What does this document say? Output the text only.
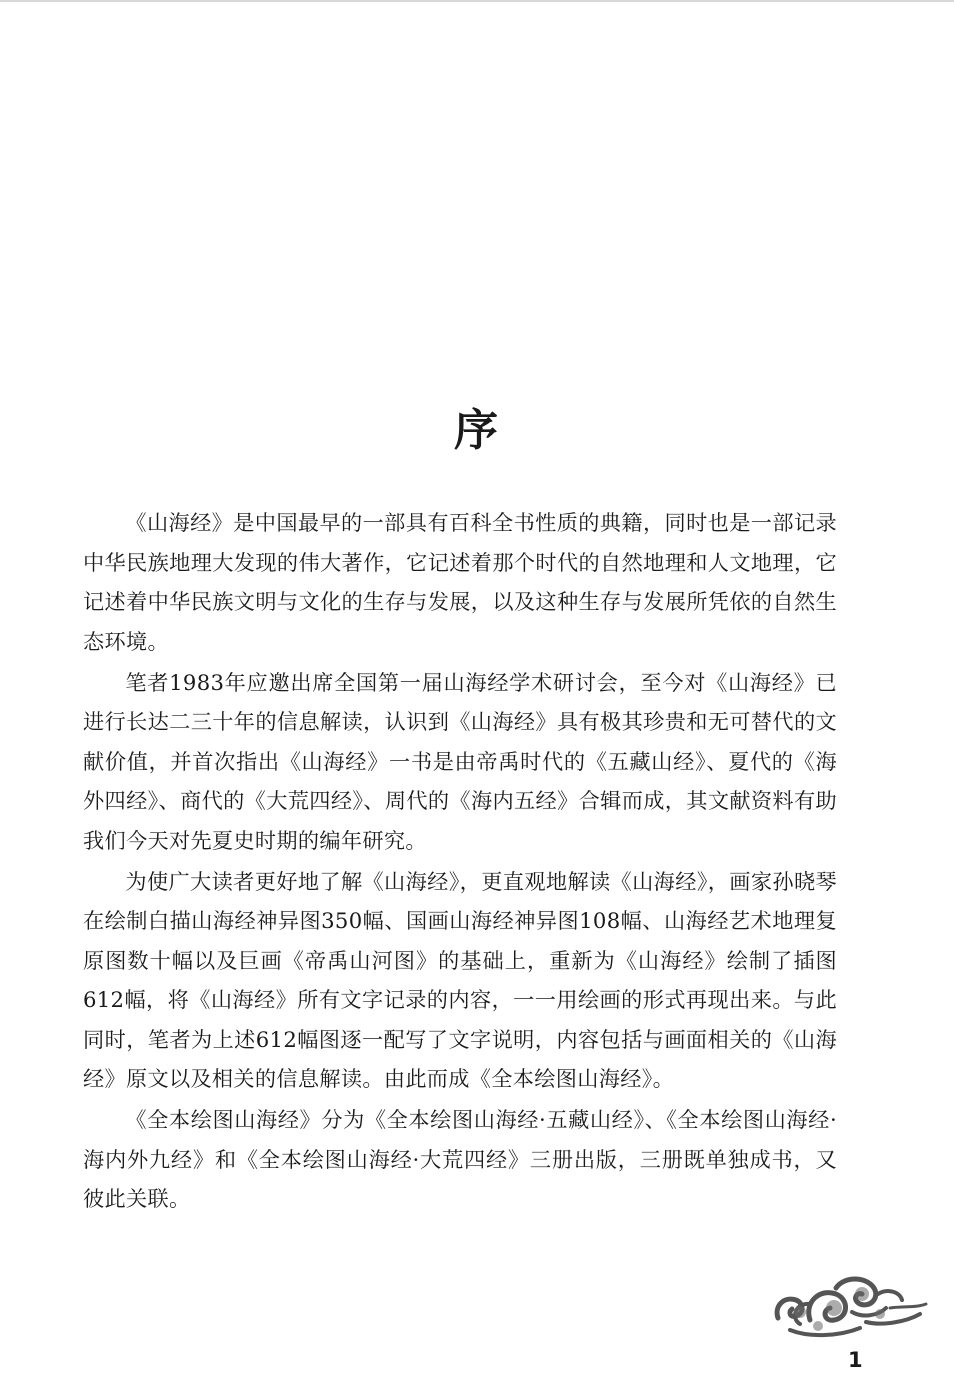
序

《山海经》是中国最早的一部具有百科全书性质的典籍，同时也是一部记录中华民族地理大发现的伟大著作，它记述着那个时代的自然地理和人文地理，它记述着中华民族文明与文化的生存与发展，以及这种生存与发展所凭依的自然生态环境。

笔者1983年应邀出席全国第一届山海经学术研讨会，至今对《山海经》已进行长达二三十年的信息解读，认识到《山海经》具有极其珍贵和无可替代的文献价值，并首次指出《山海经》一书是由帝禹时代的《五藏山经》、夏代的《海外四经》、商代的《大荒四经》、周代的《海内五经》合辑而成，其文献资料有助我们今天对先夏史时期的编年研究。

为使广大读者更好地了解《山海经》，更直观地解读《山海经》，画家孙晓琴在绘制白描山海经神异图350幅、国画山海经神异图108幅、山海经艺术地理复原图数十幅以及巨画《帝禹山河图》的基础上，重新为《山海经》绘制了插图612幅，将《山海经》所有文字记录的内容，一一用绘画的形式再现出来。与此同时，笔者为上述612幅图逐一配写了文字说明，内容包括与画面相关的《山海经》原文以及相关的信息解读。由此而成《全本绘图山海经》。

《全本绘图山海经》分为《全本绘图山海经·五藏山经》、《全本绘图山海经·海内外九经》和《全本绘图山海经·大荒四经》三册出版，三册既单独成书，又彼此关联。

1
